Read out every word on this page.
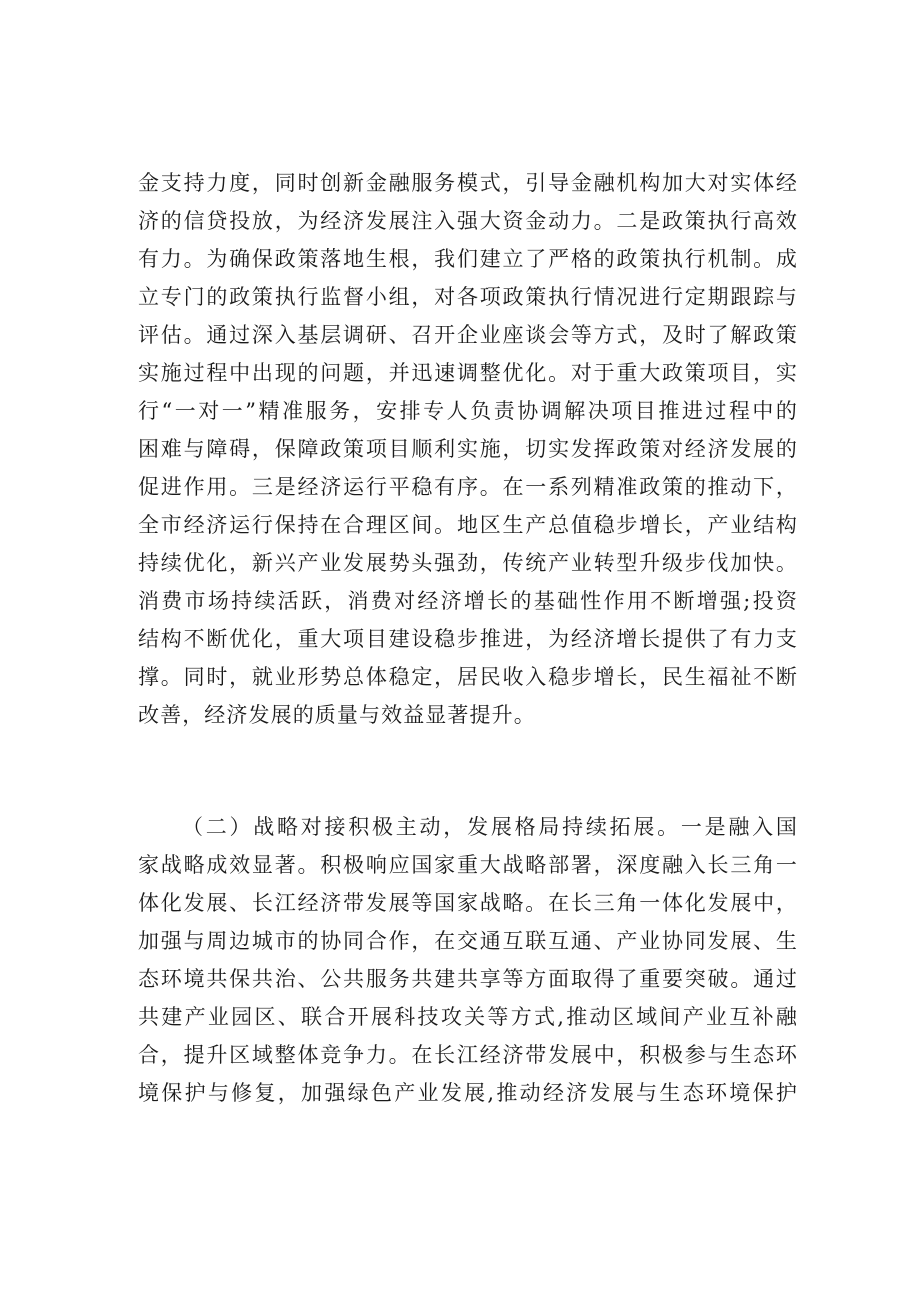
金支持力度，同时创新金融服务模式，引导金融机构加大对实体经
济的信贷投放，为经济发展注入强大资金动力。二是政策执行高效
有力。为确保政策落地生根，我们建立了严格的政策执行机制。成
立专门的政策执行监督小组，对各项政策执行情况进行定期跟踪与
评估。通过深入基层调研、召开企业座谈会等方式，及时了解政策
实施过程中出现的问题，并迅速调整优化。对于重大政策项目，实
行“一对一”精准服务，安排专人负责协调解决项目推进过程中的
困难与障碍，保障政策项目顺利实施，切实发挥政策对经济发展的
促进作用。三是经济运行平稳有序。在一系列精准政策的推动下，
全市经济运行保持在合理区间。地区生产总值稳步增长，产业结构
持续优化，新兴产业发展势头强劲，传统产业转型升级步伐加快。
消费市场持续活跃，消费对经济增长的基础性作用不断增强;投资
结构不断优化，重大项目建设稳步推进，为经济增长提供了有力支
撑。同时，就业形势总体稳定，居民收入稳步增长，民生福祉不断
改善，经济发展的质量与效益显著提升。
（二）战略对接积极主动，发展格局持续拓展。一是融入国
家战略成效显著。积极响应国家重大战略部署，深度融入长三角一
体化发展、长江经济带发展等国家战略。在长三角一体化发展中，
加强与周边城市的协同合作，在交通互联互通、产业协同发展、生
态环境共保共治、公共服务共建共享等方面取得了重要突破。通过
共建产业园区、联合开展科技攻关等方式,推动区域间产业互补融
合，提升区域整体竞争力。在长江经济带发展中，积极参与生态环
境保护与修复，加强绿色产业发展,推动经济发展与生态环境保护
